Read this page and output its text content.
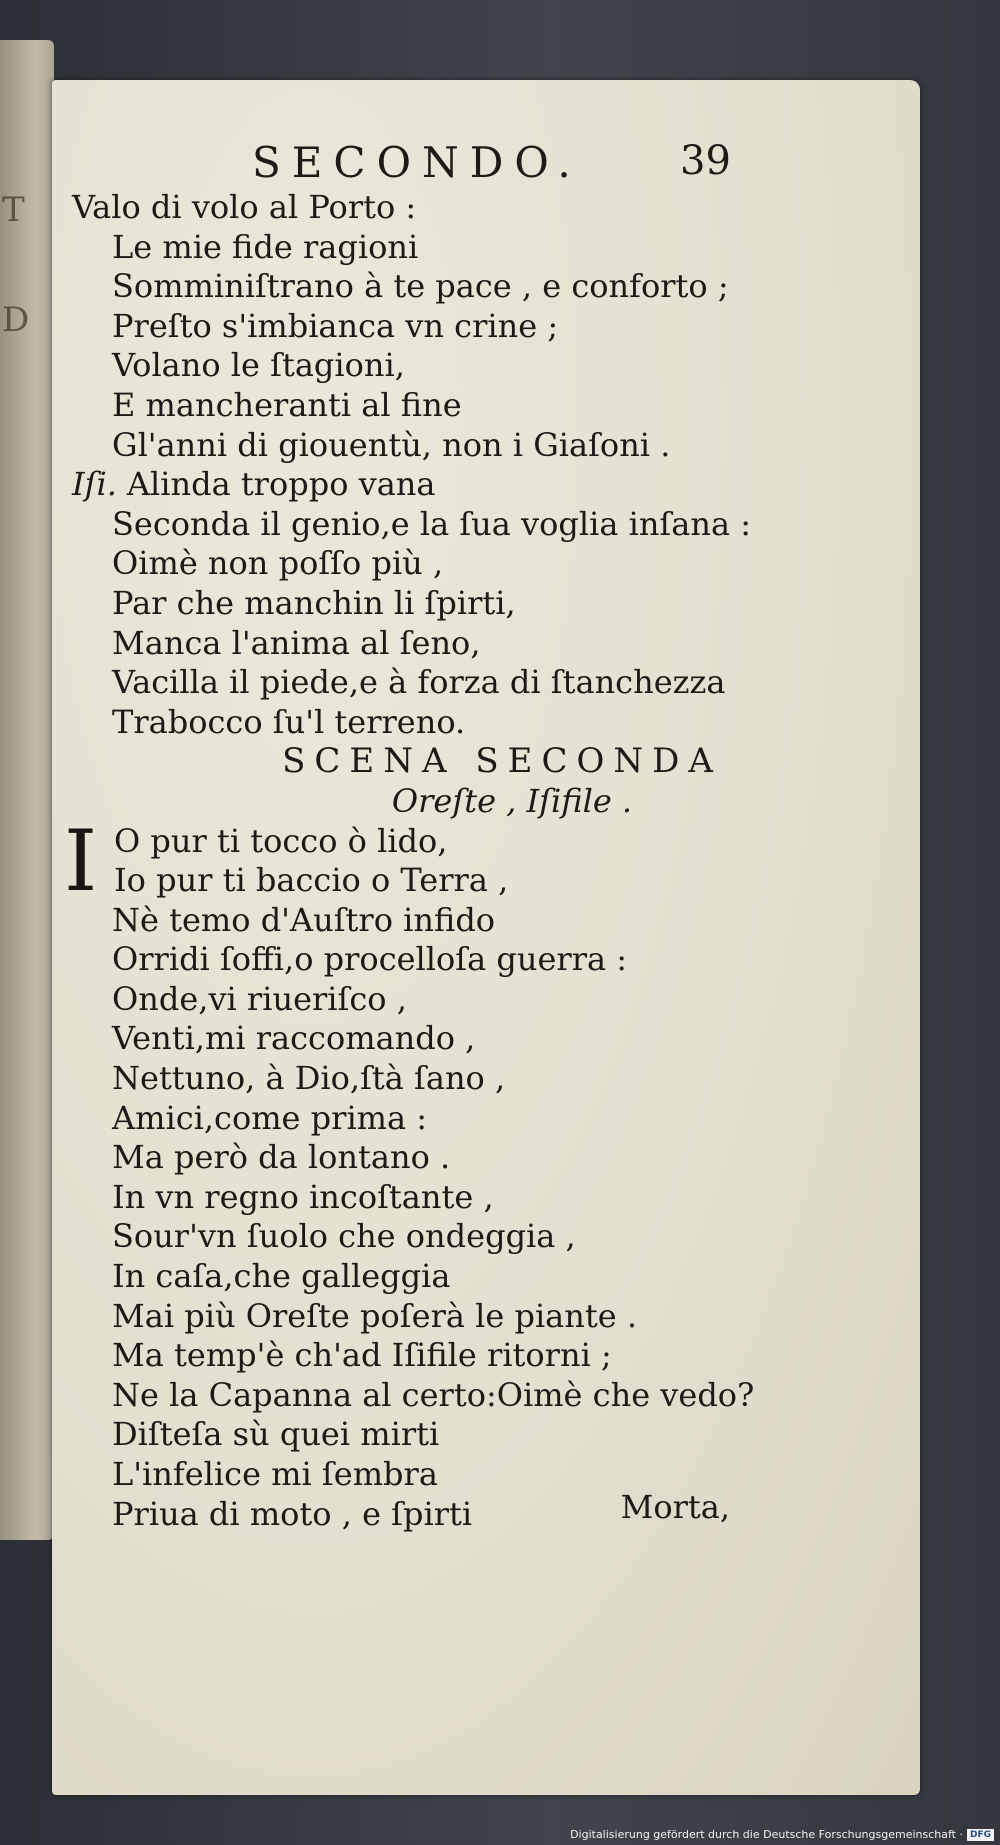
T
D
SECONDO. 39
Valo di volo al Porto :
Le mie fide ragioni
Somminiſtrano à te pace , e conforto ;
Preſto s'imbianca vn crine ;
Volano le ſtagioni,
E mancheranti al fine
Gl'anni di giouentù, non i Giaſoni .
Iſi. Alinda troppo vana
Seconda il genio,e la ſua voglia inſana :
Oimè non poſſo più ,
Par che manchin li ſpirti,
Manca l'anima al ſeno,
Vacilla il piede,e à forza di ſtanchezza
Trabocco ſu'l terreno.
SCENA SECONDA
Oreſte , Iſifile .
I O pur ti tocco ò lido,
Io pur ti baccio o Terra ,
Nè temo d'Auſtro infido
Orridi ſoffi,o procelloſa guerra :
Onde,vi riueriſco ,
Venti,mi raccomando ,
Nettuno, à Dio,ſtà ſano ,
Amici,come prima :
Ma però da lontano .
In vn regno incoſtante ,
Sour'vn ſuolo che ondeggia ,
In caſa,che galleggia
Mai più Oreſte poſerà le piante .
Ma temp'è ch'ad Iſifile ritorni ;
Ne la Capanna al certo:Oimè che vedo?
Diſteſa sù quei mirti
L'infelice mi ſembra
Priua di moto , e ſpirti	Morta,
Digitalisierung gefördert durch die Deutsche Forschungsgemeinschaft · DFG
